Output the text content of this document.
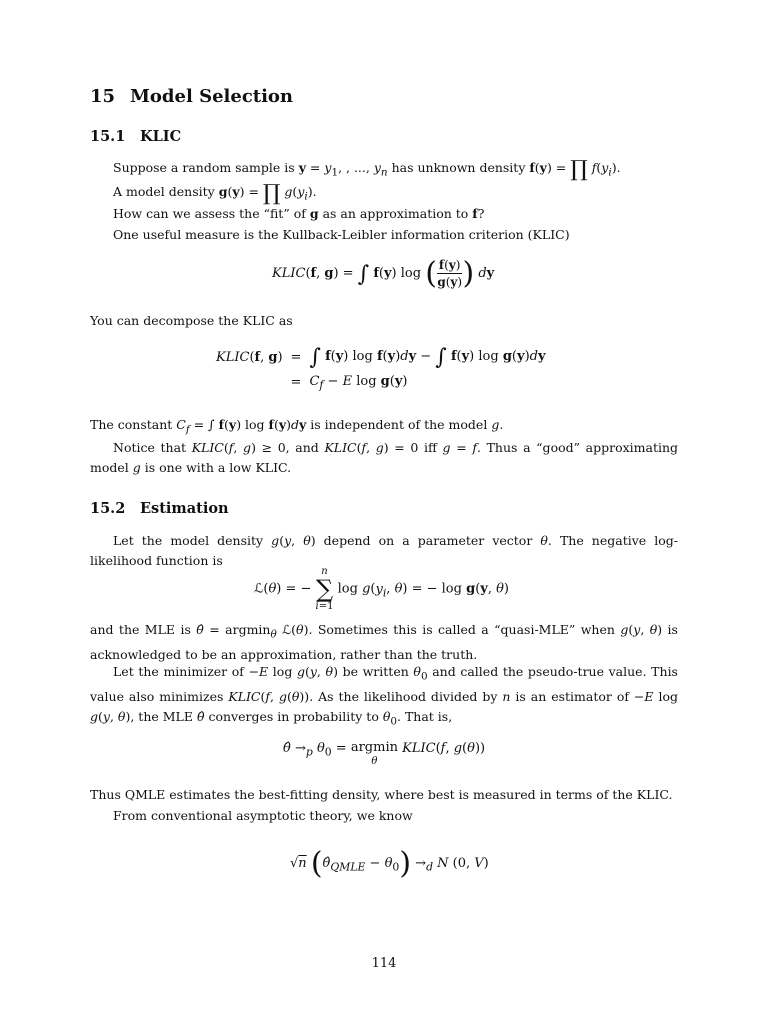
15 Model Selection
15.1 KLIC
Suppose a random sample is $y = y_1$, , ..., $y_n$ has unknown density f(y) = ∏ $f(y_i)$.
A model density g(y) = ∏ $g(y_i)$.
How can we assess the “fit” of g as an approximation to f?
One useful measure is the Kullback-Leibler information criterion (KLIC)
KLIC(f, g) = ∫ f(y) log ( $\frac{f(y)}{g(y)}$ ) dy
You can decompose the KLIC as
KLIC(f, g)	=	∫ f(y) log f(y)dy − ∫ f(y) log g(y)dy
	=	$C_f - E$ log g(y)
The constant $C_f$ = ∫ f(y) log f(y)dy is independent of the model g.
Notice that KLIC(f, g) ≥ 0, and KLIC(f, g) = 0 iff g = f. Thus a “good” approximating model g is one with a low KLIC.
15.2 Estimation
Let the model density g(y, θ) depend on a parameter vector θ. The negative log-likelihood function is
ℒ(θ) = −
n
∑
i=1
$\log g(y_i$, θ) = − log g(y, θ)
and the MLE is θ̂ = argmin$_\theta$ ℒ(θ). Sometimes this is called a “quasi-MLE” when g(y, θ) is acknowledged to be an approximation, rather than the truth.
Let the minimizer of −E log g(y, θ) be written $\theta_0$ and called the pseudo-true value. This value also minimizes KLIC(f, g(θ)). As the likelihood divided by n is an estimator of −E log g(y, θ), the MLE θ̂ converges in probability to $\theta_0$. That is,
θ̂ $\to_p$ $\theta_0 = argmin$
θ
KLIC(f, g(θ))
Thus QMLE estimates the best-fitting density, where best is measured in terms of the KLIC.
From conventional asymptotic theory, we know
√n $(\thetâ_{QMLE} - \theta_0) \to_d$ N (0, V)
114
